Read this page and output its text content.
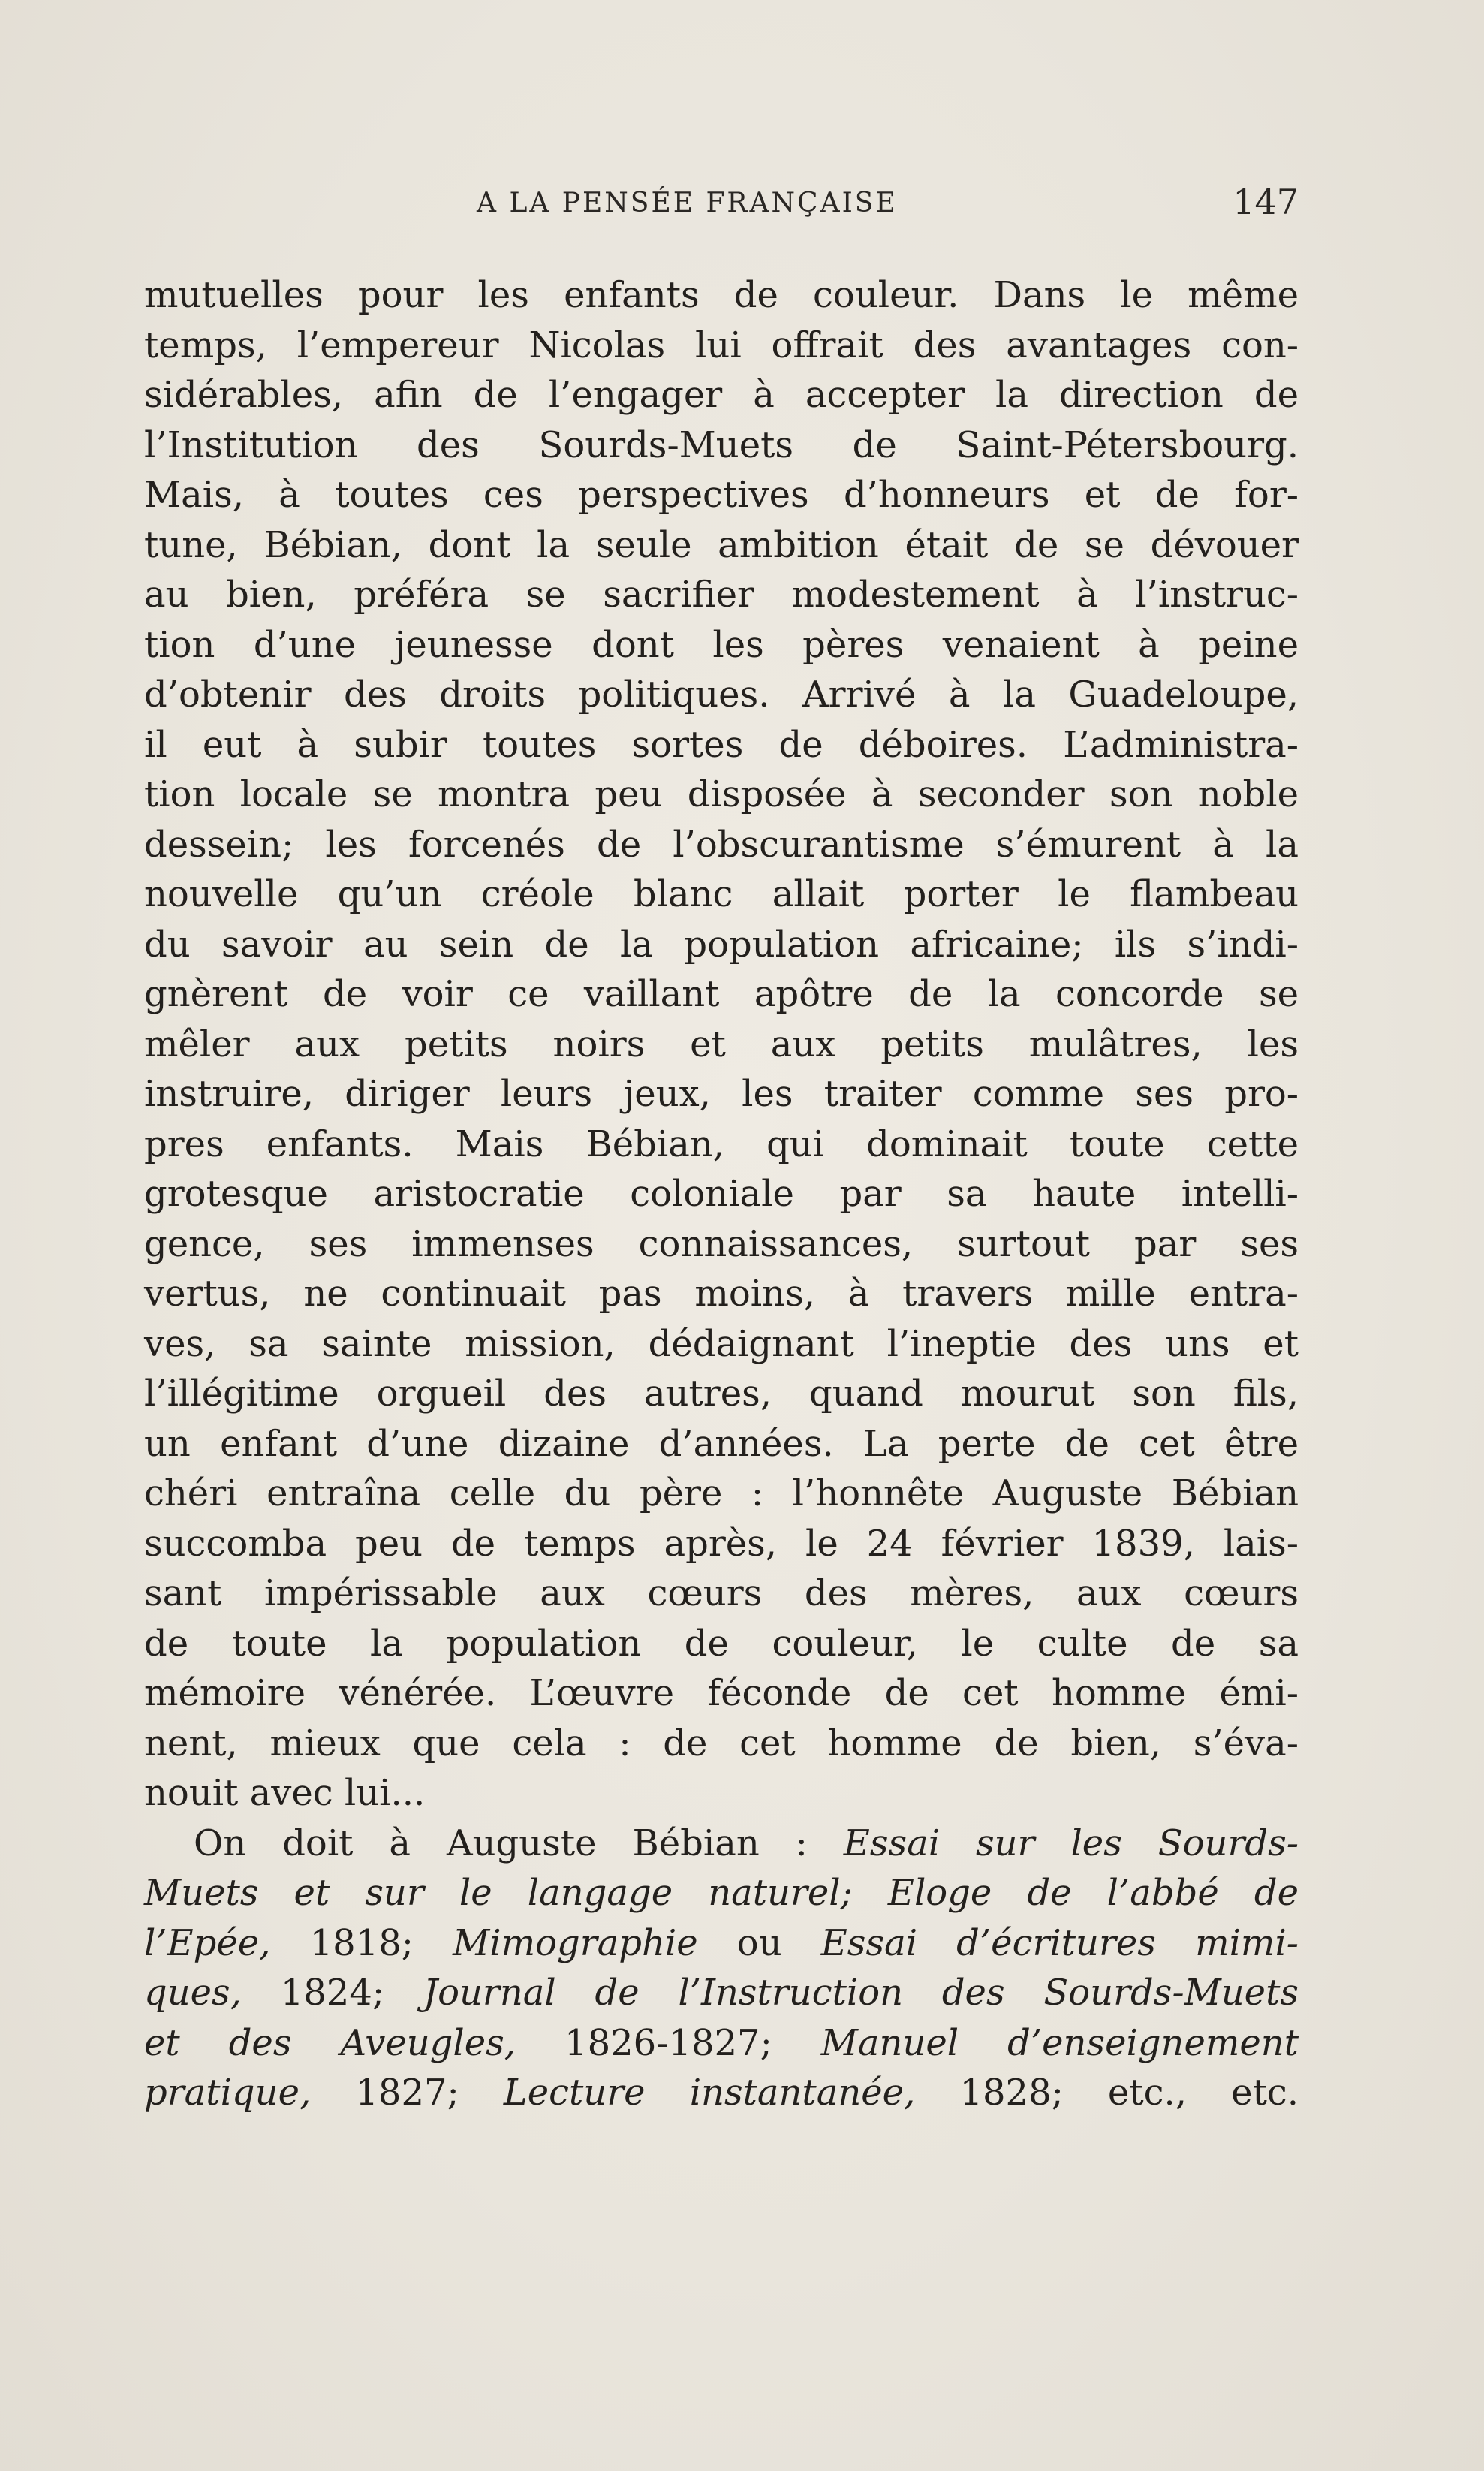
A LA PENSÉE FRANÇAISE	147
mutuelles pour les enfants de couleur. Dans le même
temps, l’empereur Nicolas lui offrait des avantages con-
sidérables, afin de l’engager à accepter la direction de
l’Institution des Sourds-Muets de Saint-Pétersbourg.
Mais, à toutes ces perspectives d’honneurs et de for-
tune, Bébian, dont la seule ambition était de se dévouer
au bien, préféra se sacrifier modestement à l’instruc-
tion d’une jeunesse dont les pères venaient à peine
d’obtenir des droits politiques. Arrivé à la Guadeloupe,
il eut à subir toutes sortes de déboires. L’administra-
tion locale se montra peu disposée à seconder son noble
dessein; les forcenés de l’obscurantisme s’émurent à la
nouvelle qu’un créole blanc allait porter le flambeau
du savoir au sein de la population africaine; ils s’indi-
gnèrent de voir ce vaillant apôtre de la concorde se
mêler aux petits noirs et aux petits mulâtres, les
instruire, diriger leurs jeux, les traiter comme ses pro-
pres enfants. Mais Bébian, qui dominait toute cette
grotesque aristocratie coloniale par sa haute intelli-
gence, ses immenses connaissances, surtout par ses
vertus, ne continuait pas moins, à travers mille entra-
ves, sa sainte mission, dédaignant l’ineptie des uns et
l’illégitime orgueil des autres, quand mourut son fils,
un enfant d’une dizaine d’années. La perte de cet être
chéri entraîna celle du père : l’honnête Auguste Bébian
succomba peu de temps après, le 24 février 1839, lais-
sant impérissable aux cœurs des mères, aux cœurs
de toute la population de couleur, le culte de sa
mémoire vénérée. L’œuvre féconde de cet homme émi-
nent, mieux que cela : de cet homme de bien, s’éva-
nouit avec lui...
On doit à Auguste Bébian : Essai sur les Sourds-
Muets et sur le langage naturel; Eloge de l’abbé de
l’Epée, 1818; Mimographie ou Essai d’écritures mimi-
ques, 1824; Journal de l’Instruction des Sourds-Muets
et des Aveugles, 1826-1827; Manuel d’enseignement
pratique, 1827; Lecture instantanée, 1828; etc., etc.
